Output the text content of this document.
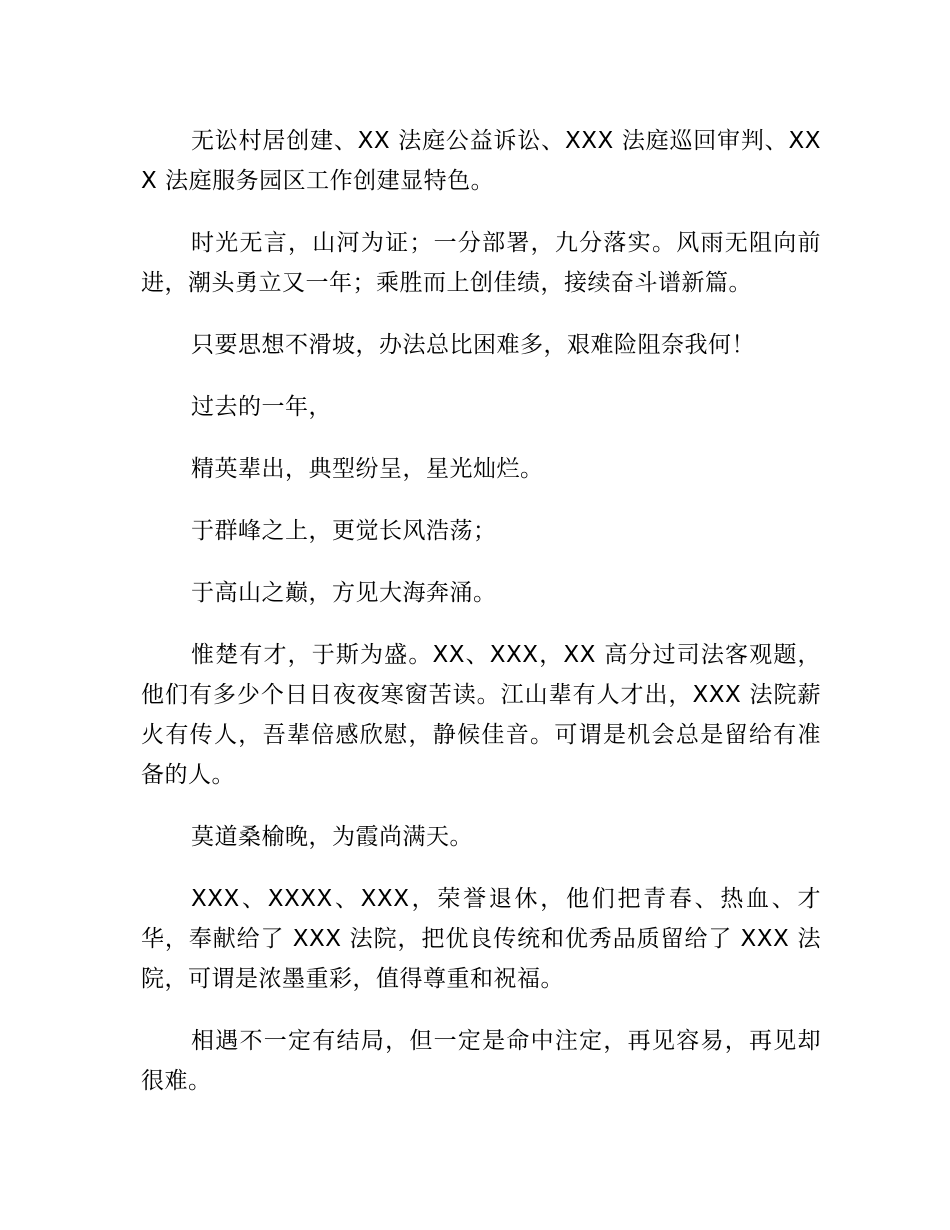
无讼村居创建、XX 法庭公益诉讼、XXX 法庭巡回审判、XXX 法庭服务园区工作创建显特色。

时光无言，山河为证；一分部署，九分落实。风雨无阻向前进，潮头勇立又一年；乘胜而上创佳绩，接续奋斗谱新篇。

只要思想不滑坡，办法总比困难多，艰难险阻奈我何！

过去的一年，

精英辈出，典型纷呈，星光灿烂。

于群峰之上，更觉长风浩荡；

于高山之巅，方见大海奔涌。

惟楚有才，于斯为盛。XX、XXX，XX 高分过司法客观题，他们有多少个日日夜夜寒窗苦读。江山辈有人才出，XXX 法院薪火有传人，吾辈倍感欣慰，静候佳音。可谓是机会总是留给有准备的人。

莫道桑榆晚，为霞尚满天。

XXX、XXXX、XXX，荣誉退休，他们把青春、热血、才华，奉献给了 XXX 法院，把优良传统和优秀品质留给了 XXX 法院，可谓是浓墨重彩，值得尊重和祝福。

相遇不一定有结局，但一定是命中注定，再见容易，再见却很难。
